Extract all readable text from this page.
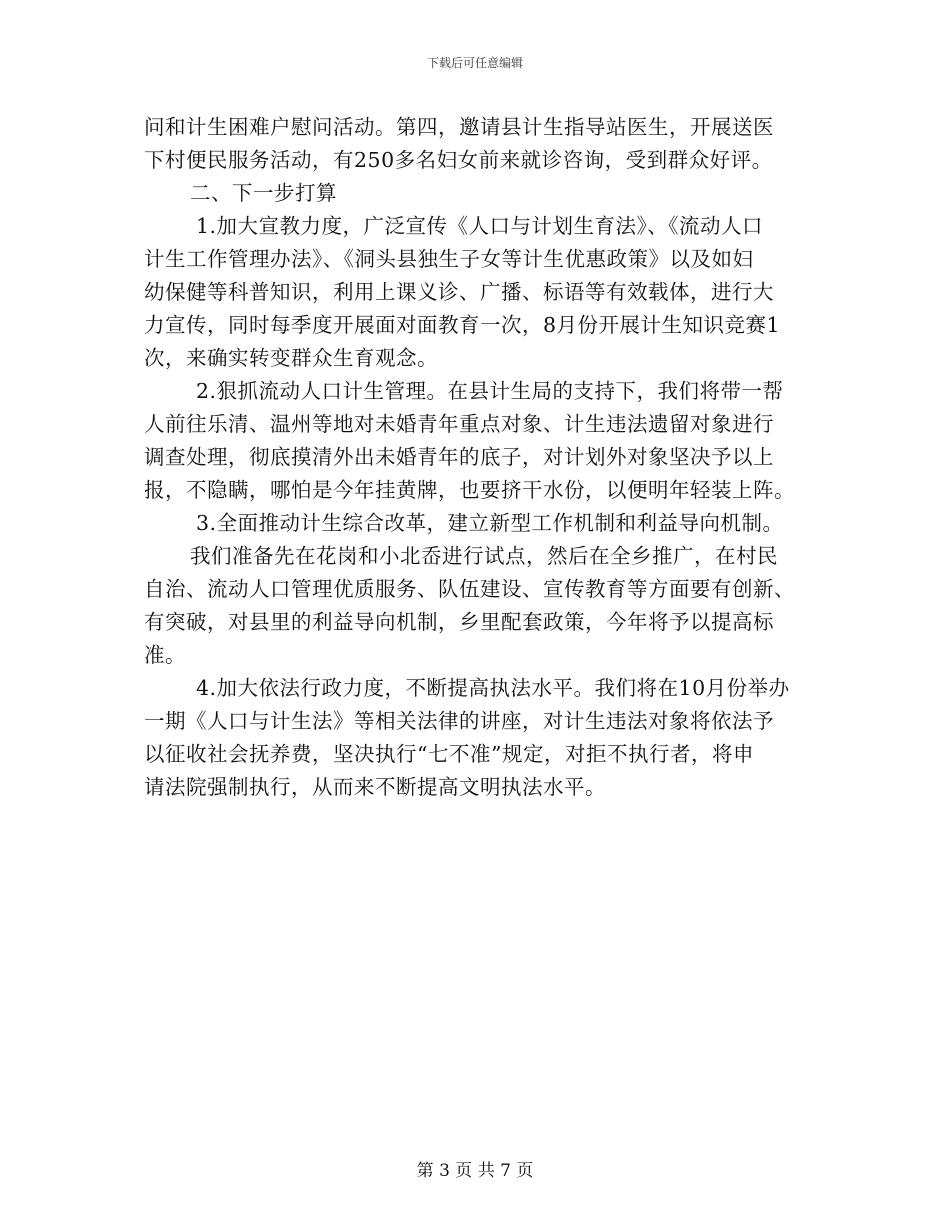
下载后可任意编辑
问和计生困难户慰问活动。第四，邀请县计生指导站医生，开展送医
下村便民服务活动，有250多名妇女前来就诊咨询，受到群众好评。
二、下一步打算
1.加大宣教力度，广泛宣传《人口与计划生育法》、《流动人口
计生工作管理办法》、《洞头县独生子女等计生优惠政策》以及如妇
幼保健等科普知识，利用上课义诊、广播、标语等有效载体，进行大
力宣传，同时每季度开展面对面教育一次，8月份开展计生知识竞赛1
次，来确实转变群众生育观念。
2.狠抓流动人口计生管理。在县计生局的支持下，我们将带一帮
人前往乐清、温州等地对未婚青年重点对象、计生违法遗留对象进行
调查处理，彻底摸清外出未婚青年的底子，对计划外对象坚决予以上
报，不隐瞒，哪怕是今年挂黄牌，也要挤干水份，以便明年轻装上阵。
3.全面推动计生综合改革，建立新型工作机制和利益导向机制。
我们准备先在花岗和小北岙进行试点，然后在全乡推广，在村民
自治、流动人口管理优质服务、队伍建设、宣传教育等方面要有创新、
有突破，对县里的利益导向机制，乡里配套政策，今年将予以提高标
准。
4.加大依法行政力度，不断提高执法水平。我们将在10月份举办
一期《人口与计生法》等相关法律的讲座，对计生违法对象将依法予
以征收社会抚养费，坚决执行“七不准”规定，对拒不执行者，将申
请法院强制执行，从而来不断提高文明执法水平。
第 3 页 共 7 页
